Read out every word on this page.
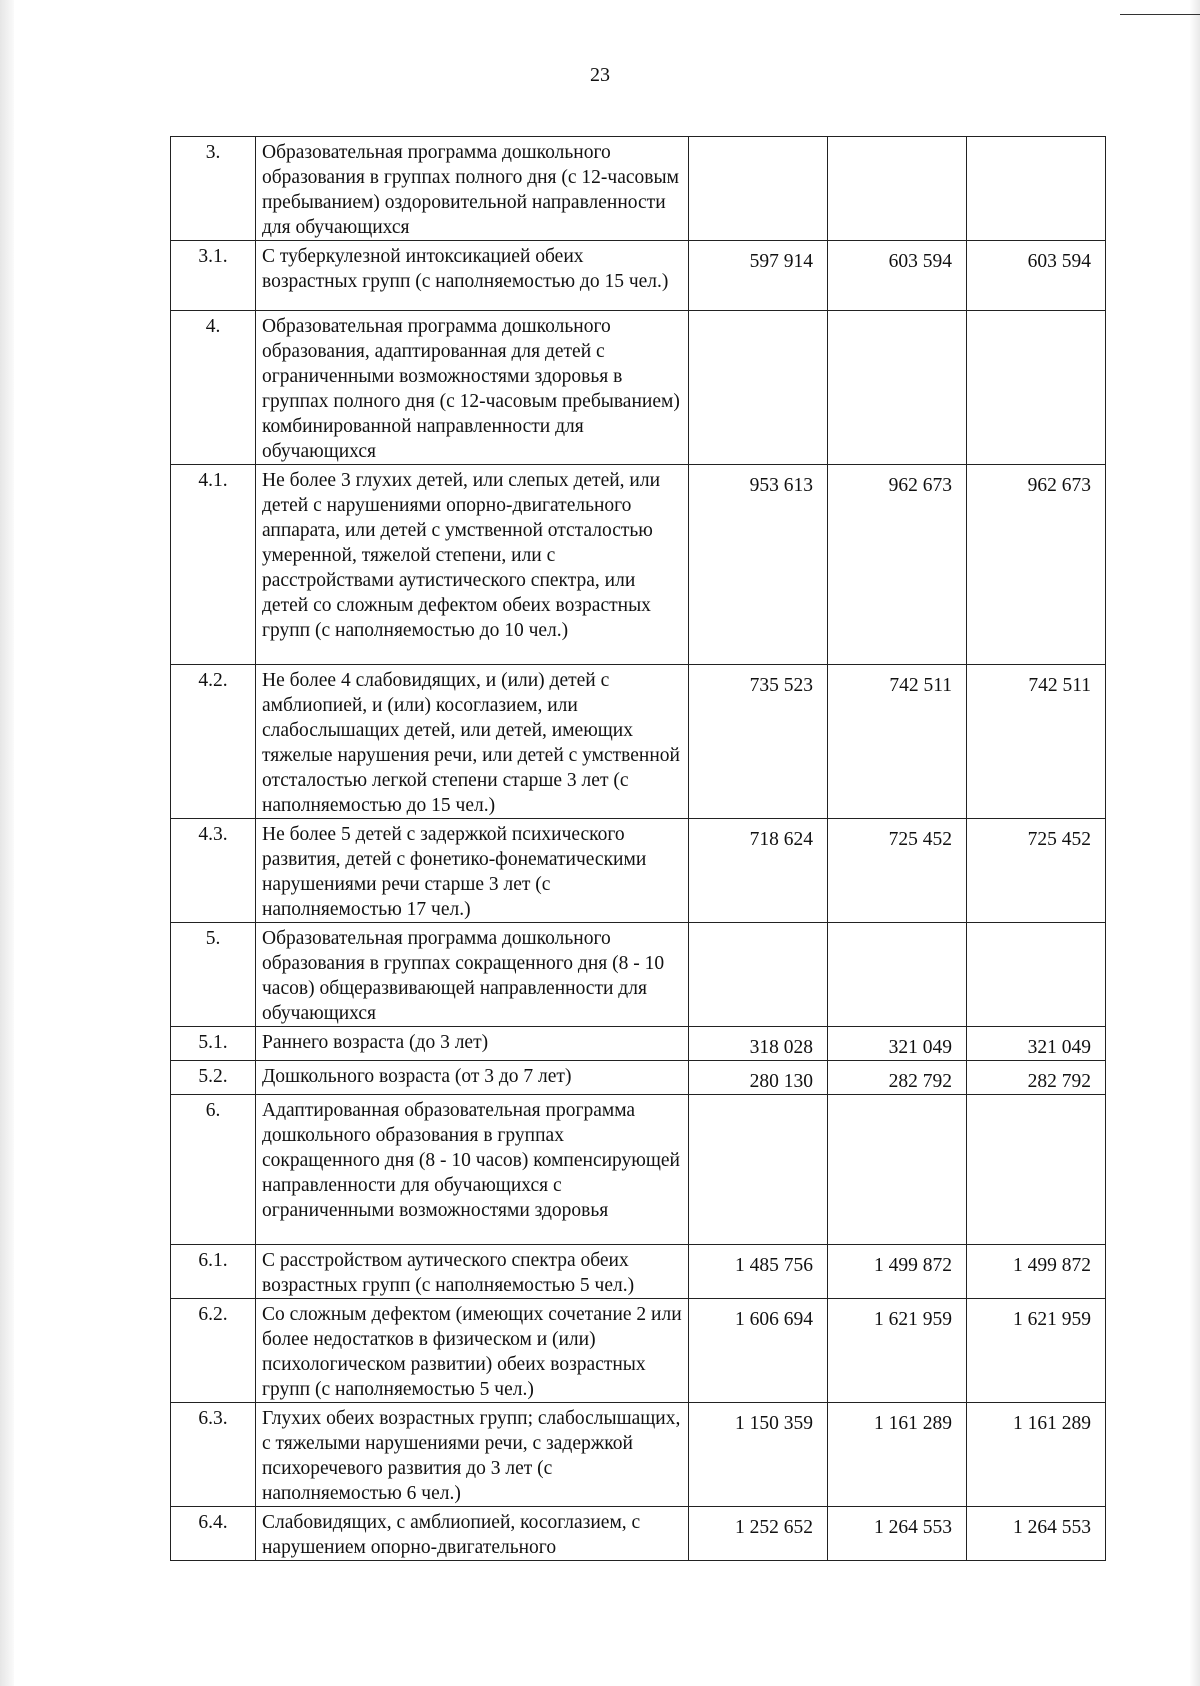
23
3.	Образовательная программа дошкольного образования в группах полного дня (с 12-часовым пребыванием) оздоровительной направленности для обучающихся			
3.1.	С туберкулезной интоксикацией обеих возрастных групп (с наполняемостью до 15 чел.)	597 914	603 594	603 594
4.	Образовательная программа дошкольного образования, адаптированная для детей с ограниченными возможностями здоровья в группах полного дня (с 12-часовым пребыванием) комбинированной направленности для обучающихся			
4.1.	Не более 3 глухих детей, или слепых детей, или детей с нарушениями опорно-двигательного аппарата, или детей с умственной отсталостью умеренной, тяжелой степени, или с расстройствами аутистического спектра, или детей со сложным дефектом обеих возрастных групп (с наполняемостью до 10 чел.)	953 613	962 673	962 673
4.2.	Не более 4 слабовидящих, и (или) детей с амблиопией, и (или) косоглазием, или слабослышащих детей, или детей, имеющих тяжелые нарушения речи, или детей с умственной отсталостью легкой степени старше 3 лет (с наполняемостью до 15 чел.)	735 523	742 511	742 511
4.3.	Не более 5 детей с задержкой психического развития, детей с фонетико-фонематическими нарушениями речи старше 3 лет (с наполняемостью 17 чел.)	718 624	725 452	725 452
5.	Образовательная программа дошкольного образования в группах сокращенного дня (8 - 10 часов) общеразвивающей направленности для обучающихся			
5.1.	Раннего возраста (до 3 лет)	318 028	321 049	321 049
5.2.	Дошкольного возраста (от 3 до 7 лет)	280 130	282 792	282 792
6.	Адаптированная образовательная программа дошкольного образования в группах сокращенного дня (8 - 10 часов) компенсирующей направленности для обучающихся с ограниченными возможностями здоровья			
6.1.	С расстройством аутического спектра обеих возрастных групп (с наполняемостью 5 чел.)	1 485 756	1 499 872	1 499 872
6.2.	Со сложным дефектом (имеющих сочетание 2 или более недостатков в физическом и (или) психологическом развитии) обеих возрастных групп (с наполняемостью 5 чел.)	1 606 694	1 621 959	1 621 959
6.3.	Глухих обеих возрастных групп; слабослышащих, с тяжелыми нарушениями речи, с задержкой психоречевого развития до 3 лет (с наполняемостью 6 чел.)	1 150 359	1 161 289	1 161 289
6.4.	Слабовидящих, с амблиопией, косоглазием, с нарушением опорно-двигательного	1 252 652	1 264 553	1 264 553
